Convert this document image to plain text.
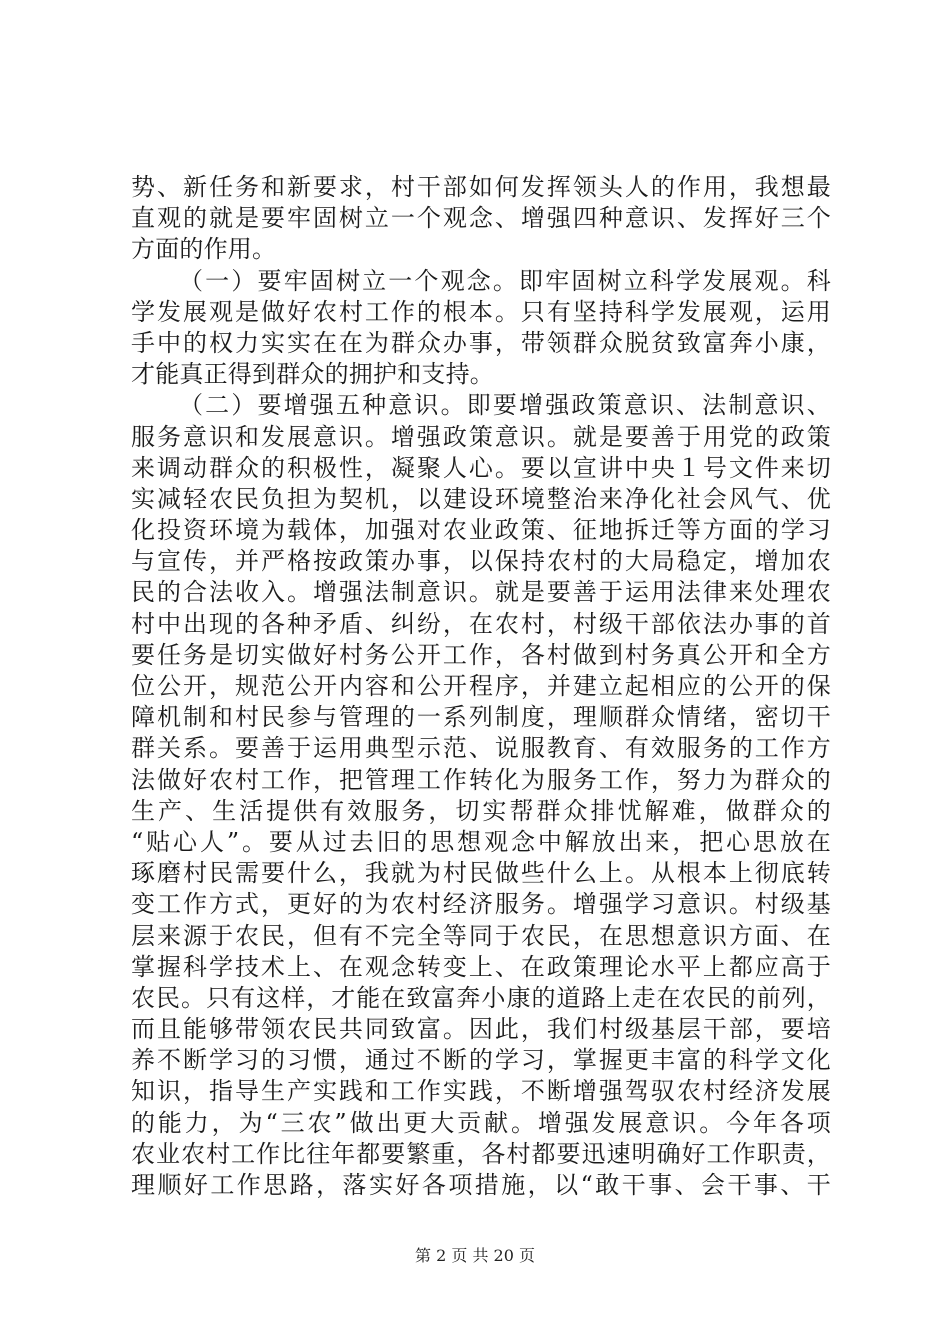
势、新任务和新要求，村干部如何发挥领头人的作用，我想最
直观的就是要牢固树立一个观念、增强四种意识、发挥好三个
方面的作用。
（一）要牢固树立一个观念。即牢固树立科学发展观。科
学发展观是做好农村工作的根本。只有坚持科学发展观，运用
手中的权力实实在在为群众办事，带领群众脱贫致富奔小康，
才能真正得到群众的拥护和支持。
（二）要增强五种意识。即要增强政策意识、法制意识、
服务意识和发展意识。增强政策意识。就是要善于用党的政策
来调动群众的积极性，凝聚人心。要以宣讲中央１号文件来切
实减轻农民负担为契机，以建设环境整治来净化社会风气、优
化投资环境为载体，加强对农业政策、征地拆迁等方面的学习
与宣传，并严格按政策办事，以保持农村的大局稳定，增加农
民的合法收入。增强法制意识。就是要善于运用法律来处理农
村中出现的各种矛盾、纠纷，在农村，村级干部依法办事的首
要任务是切实做好村务公开工作，各村做到村务真公开和全方
位公开，规范公开内容和公开程序，并建立起相应的公开的保
障机制和村民参与管理的一系列制度，理顺群众情绪，密切干
群关系。要善于运用典型示范、说服教育、有效服务的工作方
法做好农村工作，把管理工作转化为服务工作，努力为群众的
生产、生活提供有效服务，切实帮群众排忧解难，做群众的
“贴心人”。要从过去旧的思想观念中解放出来，把心思放在
琢磨村民需要什么，我就为村民做些什么上。从根本上彻底转
变工作方式，更好的为农村经济服务。增强学习意识。村级基
层来源于农民，但有不完全等同于农民，在思想意识方面、在
掌握科学技术上、在观念转变上、在政策理论水平上都应高于
农民。只有这样，才能在致富奔小康的道路上走在农民的前列，
而且能够带领农民共同致富。因此，我们村级基层干部，要培
养不断学习的习惯，通过不断的学习，掌握更丰富的科学文化
知识，指导生产实践和工作实践，不断增强驾驭农村经济发展
的能力，为“三农”做出更大贡献。增强发展意识。今年各项
农业农村工作比往年都要繁重，各村都要迅速明确好工作职责，
理顺好工作思路，落实好各项措施，以“敢干事、会干事、干
第 2 页 共 20 页
